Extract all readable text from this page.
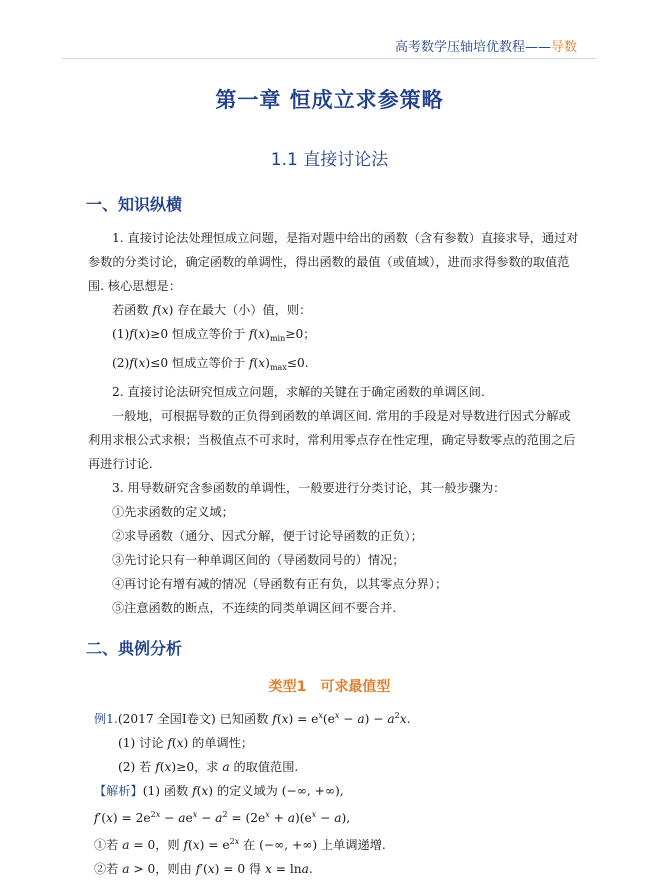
高考数学压轴培优教程——导数
第一章 恒成立求参策略
1.1 直接讨论法
一、知识纵横

1. 直接讨论法处理恒成立问题，是指对题中给出的函数（含有参数）直接求导，通过对参数的分类讨论，确定函数的单调性，得出函数的最值（或值域），进而求得参数的取值范围. 核心思想是：

若函数 f(x) 存在最大（小）值，则：

(1)f(x)≥0 恒成立等价于 $f(x)_{min}\ge 0$；

(2)f(x)≤0 恒成立等价于 $f(x)_{max}\le 0$.

2. 直接讨论法研究恒成立问题，求解的关键在于确定函数的单调区间.

一般地，可根据导数的正负得到函数的单调区间. 常用的手段是对导数进行因式分解或利用求根公式求根；当极值点不可求时，常利用零点存在性定理，确定导数零点的范围之后再进行讨论.

3. 用导数研究含参函数的单调性，一般要进行分类讨论，其一般步骤为：

①先求函数的定义域；

②求导函数（通分、因式分解，便于讨论导函数的正负）；

③先讨论只有一种单调区间的（导函数同号的）情况；

④再讨论有增有减的情况（导函数有正有负，以其零点分界）；

⑤注意函数的断点，不连续的同类单调区间不要合并.

二、典例分析
类型1　可求最值型

例1.(2017 全国Ⅰ卷文) 已知函数 $f(x) = e^x(e^x - a) - a^2x$.

(1) 讨论 f(x) 的单调性；

(2) 若 f(x)≥0，求 a 的取值范围.

【解析】(1) 函数 f(x) 的定义域为 (−∞, +∞),

$f'(x) = 2e^{2x} - ae^x - a^2 = (2e^x + a)(e^x - a)$,

①若 a = 0，则 $f(x) = e^{2x}$ 在 (−∞, +∞) 上单调递增.

②若 a > 0，则由 f′(x) = 0 得 x = lna.
